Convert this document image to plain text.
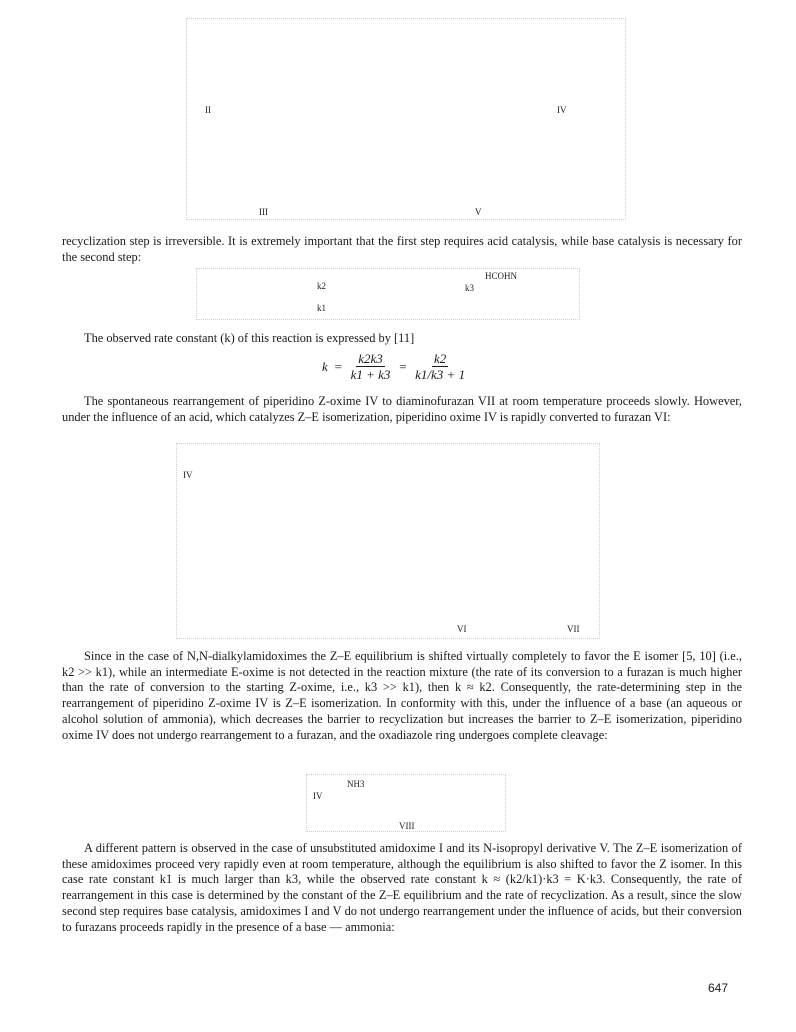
II	IV
III	V

recyclization step is irreversible. It is extremely important that the first step requires acid catalysis, while base catalysis is necessary for the second step:

HCOHN
k2
k1
k3

The observed rate constant (k) of this reaction is expressed by [11]

$k = \frac{k2k3}{k1 + k3} = \frac{k2}{k1/k3 + 1}$

The spontaneous rearrangement of piperidino Z-oxime IV to diaminofurazan VII at room temperature proceeds slowly. However, under the influence of an acid, which catalyzes Z–E isomerization, piperidino oxime IV is rapidly converted to furazan VI:

IV
VI	VII

Since in the case of N,N-dialkylamidoximes the Z–E equilibrium is shifted virtually completely to favor the E isomer [5, 10] (i.e., k2 >> k1), while an intermediate E-oxime is not detected in the reaction mixture (the rate of its conversion to a furazan is much higher than the rate of conversion to the starting Z-oxime, i.e., k3 >> k1), then k ≈ k2. Consequently, the rate-determining step in the rearrangement of piperidino Z-oxime IV is Z–E isomerization. In conformity with this, under the influence of a base (an aqueous or alcohol solution of ammonia), which decreases the barrier to recyclization but increases the barrier to Z–E isomerization, piperidino oxime IV does not undergo rearrangement to a furazan, and the oxadiazole ring undergoes complete cleavage:

IV
NH3
VIII

A different pattern is observed in the case of unsubstituted amidoxime I and its N-isopropyl derivative V. The Z–E isomerization of these amidoximes proceed very rapidly even at room temperature, although the equilibrium is also shifted to favor the Z isomer. In this case rate constant k1 is much larger than k3, while the observed rate constant k ≈ (k2/k1)·k3 = K·k3. Consequently, the rate of rearrangement in this case is determined by the constant of the Z–E equilibrium and the rate of recyclization. As a result, since the slow second step requires base catalysis, amidoximes I and V do not undergo rearrangement under the influence of acids, but their conversion to furazans proceeds rapidly in the presence of a base — ammonia:

647
